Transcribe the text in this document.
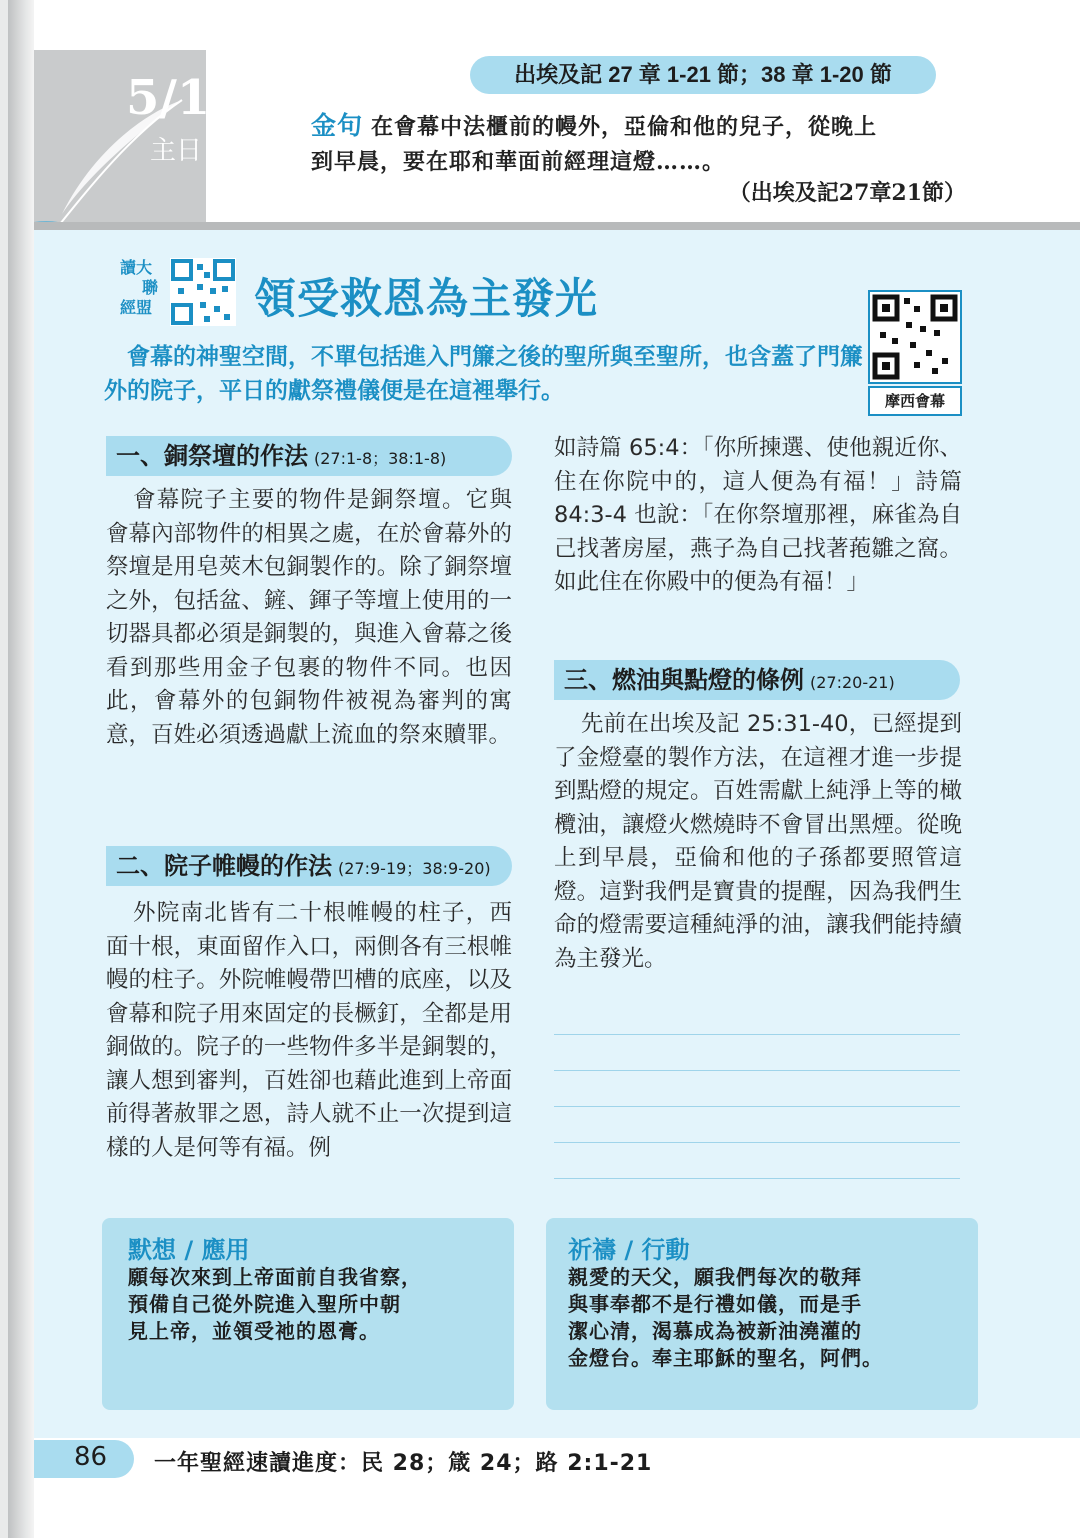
5/16
主日
出埃及記 27 章 1-21 節；38 章 1-20 節
金句 在會幕中法櫃前的幔外，亞倫和他的兒子，從晚上
到早晨，要在耶和華面前經理這燈……。
（出埃及記27章21節）
讀大
聯
經盟	領受救恩為主發光
摩西會幕
會幕的神聖空間，不單包括進入門簾之後的聖所與至聖所，也含蓋了門簾外的院子，平日的獻祭禮儀便是在這裡舉行。
一、銅祭壇的作法 (27:1-8；38:1-8)
會幕院子主要的物件是銅祭壇。它與會幕內部物件的相異之處，在於會幕外的祭壇是用皂莢木包銅製作的。除了銅祭壇之外，包括盆、鏟、鍕子等壇上使用的一切器具都必須是銅製的，與進入會幕之後看到那些用金子包裹的物件不同。也因此，會幕外的包銅物件被視為審判的寓意，百姓必須透過獻上流血的祭來贖罪。
二、院子帷幔的作法 (27:9-19；38:9-20)
外院南北皆有二十根帷幔的柱子，西面十根，東面留作入口，兩側各有三根帷幔的柱子。外院帷幔帶凹槽的底座，以及會幕和院子用來固定的長橛釘，全都是用銅做的。院子的一些物件多半是銅製的，讓人想到審判，百姓卻也藉此進到上帝面前得著赦罪之恩，詩人就不止一次提到這樣的人是何等有福。例
如詩篇 65:4：「你所揀選、使他親近你、住在你院中的，這人便為有福！」詩篇 84:3-4 也說：「在你祭壇那裡，麻雀為自己找著房屋，燕子為自己找著菢雛之窩。如此住在你殿中的便為有福！」
三、燃油與點燈的條例 (27:20-21)
先前在出埃及記 25:31-40，已經提到了金燈臺的製作方法，在這裡才進一步提到點燈的規定。百姓需獻上純淨上等的橄欖油，讓燈火燃燒時不會冒出黑煙。從晚上到早晨，亞倫和他的子孫都要照管這燈。這對我們是寶貴的提醒，因為我們生命的燈需要這種純淨的油，讓我們能持續為主發光。
默想 / 應用
願每次來到上帝面前自我省察，
預備自己從外院進入聖所中朝
見上帝，並領受祂的恩膏。
祈禱 / 行動
親愛的天父，願我們每次的敬拜
與事奉都不是行禮如儀，而是手
潔心清，渴慕成為被新油澆灌的
金燈台。奉主耶穌的聖名，阿們。
86 一年聖經速讀進度：民 28；箴 24；路 2:1-21
